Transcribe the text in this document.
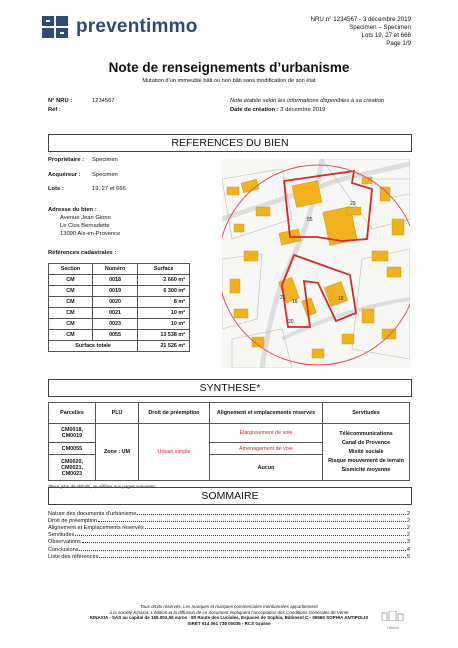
preventimmo	NRU n° 1234567 - 3 décembre 2019
Specimen – Specimen
Lots 19, 27 et 666
Page 1/9
Note de renseignements d’urbanisme
Mutation d’un immeuble bâti ou non bâti sans modification de son état
N° NRU :	1234567
Réf :
Note établie selon les informations disponibles à sa création
Date de création : 3 décembre 2019
REFERENCES DU BIEN
Propriétaire : Specimen
Acquéreur : Specimen
Lots :	19, 27 et 666
Adresse du bien :
Avenue Jean Giono
Le Clos Bernadette
13090 Aix-en-Provence
Références cadastrales :
Section	Numéro	Surface
CM	0018	2 660 m²
CM	0019	6 300 m²
CM	0020	8 m²
CM	0021	10 m²
CM	0023	10 m²
CM	0055	13 538 m²
Surface totale		21 526 m²
55
23
21
19	18
20
SYNTHESE*
Parcelles	PLU	Droit de préemption	Alignement et emplacements réservés	Servitudes
CM0018, CM0019	Zone : UM	Urbain simple	Elargissement de voie	Télécommunications
Canal de Provence
Mixité sociale
Risque mouvement de terrain
Sismicité moyenne

CM0055			Aménagement de voie	
CM0020, CM0021, CM0023			Aucun	
*Pour plus de détails, se référer aux pages suivantes
SOMMAIRE
Nature des documents d’urbanisme	2
Droit de préemption	2
Alignement et Emplacements réservés	2
Servitudes	2
Observations	3
Conclusions	4
Liste des références	5
Tous droits réservés. Les marques et marques commerciales mentionnées appartiennent
à la société Kinaxia. L’édition et la diffusion de ce document impliquent l’acceptation des Conditions Générales de Vente
KINAXIA - SAS au capital de 165.004,56 euros - 80 Route des Lucioles, Espaces de Sophia, Bâtiment C - 06560 SOPHIA ANTIPOLIS
SIRET 514 061 738 00035 - RCS Grasse
KINAXIA
